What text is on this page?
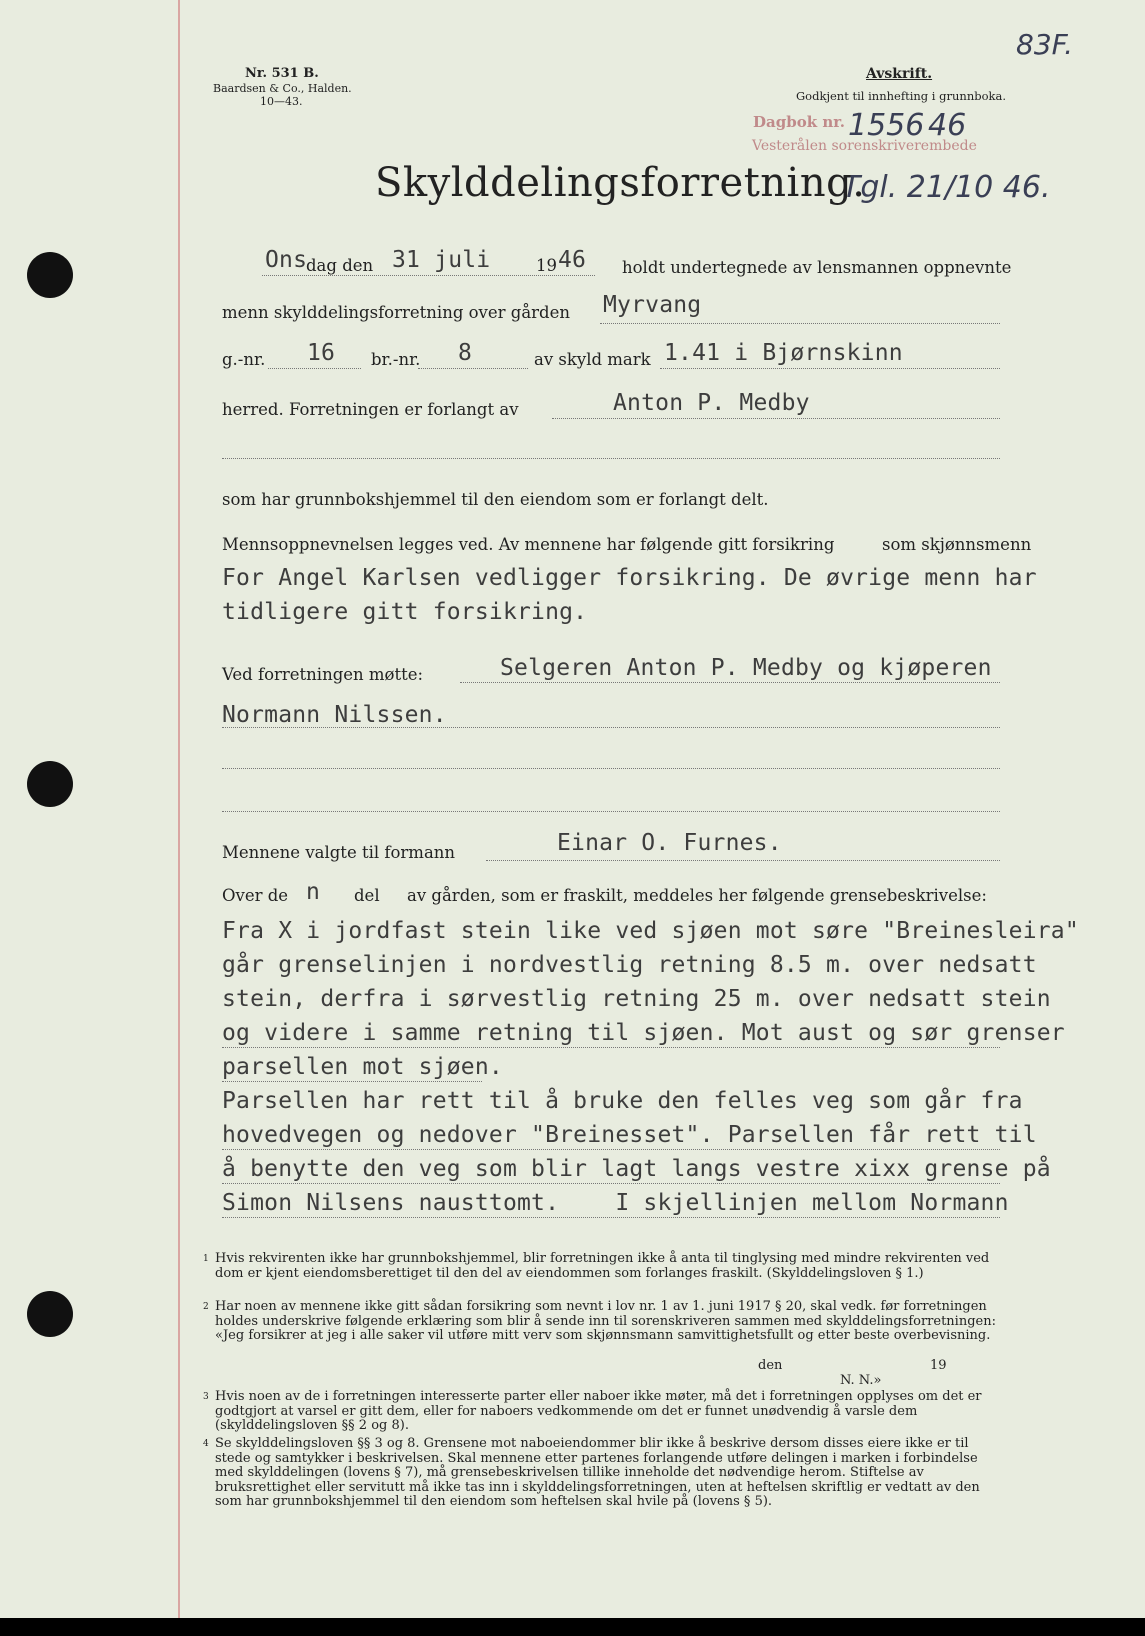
Nr. 531 B.
Baardsen & Co., Halden.
10—43.
Avskrift.
Godkjent til innhefting i grunnboka.
83F.
Dagbok nr. 1556 46
Vesterålen sorenskriverembede
Tgl. 21/10 46.
Skylddelingsforretning.
Ons
dag den 31 juli	19 46 holdt undertegnede av lensmannen oppnevnte
menn skylddelingsforretning over gården Myrvang
g.-nr. 16 br.-nr. 8	av skyld mark 1.41 i Bjørnskinn
herred. Forretningen er forlangt av	Anton P. Medby
som har grunnbokshjemmel til den eiendom som er forlangt delt.
Mennsoppnevnelsen legges ved. Av mennene har følgende gitt forsikring	som skjønnsmenn
For Angel Karlsen vedligger forsikring. De øvrige menn har
tidligere gitt forsikring.
Ved forretningen møtte:	Selgeren Anton P. Medby og kjøperen
Normann Nilssen.
Mennene valgte til formann	Einar O. Furnes.
Over de n del av gården, som er fraskilt, meddeles her følgende grensebeskrivelse:
Fra X i jordfast stein like ved sjøen mot søre "Breinesleira"
går grenselinjen i nordvestlig retning 8.5 m. over nedsatt
stein, derfra i sørvestlig retning 25 m. over nedsatt stein
og videre i samme retning til sjøen. Mot aust og sør grenser
parsellen mot sjøen.
Parsellen har rett til å bruke den felles veg som går fra
hovedvegen og nedover "Breinesset". Parsellen får rett til
å benytte den veg som blir lagt langs vestre xixx grense på
Simon Nilsens nausttomt.    I skjellinjen mellom Normann
1 Hvis rekvirenten ikke har grunnbokshjemmel, blir forretningen ikke å anta til tinglysing med mindre rekvirenten ved dom er kjent eiendomsberettiget til den del av eiendommen som forlanges fraskilt. (Skylddelingsloven § 1.)
2 Har noen av mennene ikke gitt sådan forsikring som nevnt i lov nr. 1 av 1. juni 1917 § 20, skal vedk. før forretningen holdes underskrive følgende erklæring som blir å sende inn til sorenskriveren sammen med skylddelingsforretningen: «Jeg forsikrer at jeg i alle saker vil utføre mitt verv som skjønnsmann samvittighetsfullt og etter beste overbevisning.
den	19
N. N.»
3 Hvis noen av de i forretningen interesserte parter eller naboer ikke møter, må det i forretningen opplyses om det er godtgjort at varsel er gitt dem, eller for naboers vedkommende om det er funnet unødvendig å varsle dem (skylddelingsloven §§ 2 og 8).
4 Se skylddelingsloven §§ 3 og 8. Grensene mot naboeiendommer blir ikke å beskrive dersom disses eiere ikke er til stede og samtykker i beskrivelsen. Skal mennene etter partenes forlangende utføre delingen i marken i forbindelse med skylddelingen (lovens § 7), må grensebeskrivelsen tillike inneholde det nødvendige herom. Stiftelse av bruksrettighet eller servitutt må ikke tas inn i skylddelingsforretningen, uten at heftelsen skriftlig er vedtatt av den som har grunnbokshjemmel til den eiendom som heftelsen skal hvile på (lovens § 5).
